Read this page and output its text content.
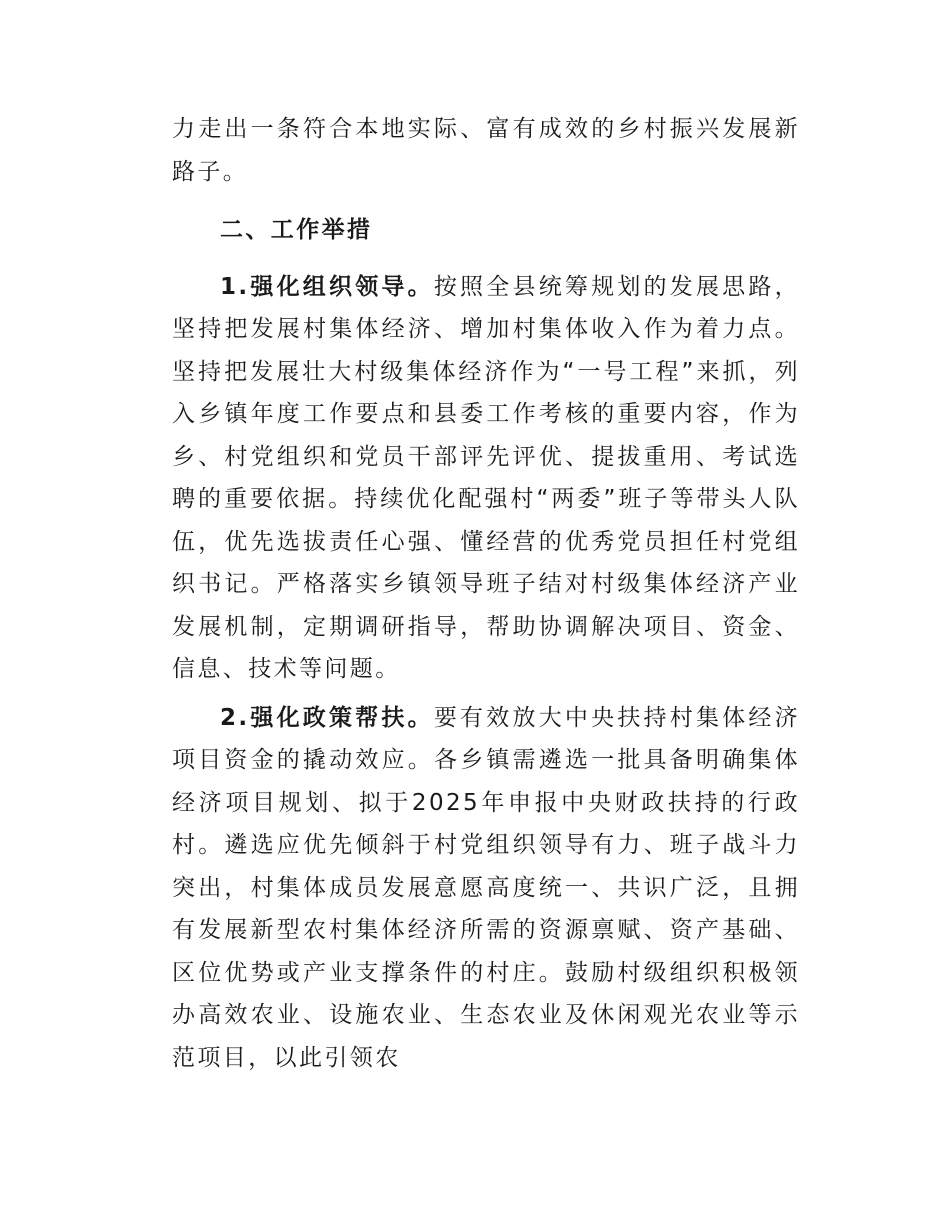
力走出一条符合本地实际、富有成效的乡村振兴发展新路子。

二、工作举措

1.强化组织领导。按照全县统筹规划的发展思路，坚持把发展村集体经济、增加村集体收入作为着力点。坚持把发展壮大村级集体经济作为“一号工程”来抓，列入乡镇年度工作要点和县委工作考核的重要内容，作为乡、村党组织和党员干部评先评优、提拔重用、考试选聘的重要依据。持续优化配强村“两委”班子等带头人队伍，优先选拔责任心强、懂经营的优秀党员担任村党组织书记。严格落实乡镇领导班子结对村级集体经济产业发展机制，定期调研指导，帮助协调解决项目、资金、信息、技术等问题。

2.强化政策帮扶。要有效放大中央扶持村集体经济项目资金的撬动效应。各乡镇需遴选一批具备明确集体经济项目规划、拟于2025年申报中央财政扶持的行政村。遴选应优先倾斜于村党组织领导有力、班子战斗力突出，村集体成员发展意愿高度统一、共识广泛，且拥有发展新型农村集体经济所需的资源禀赋、资产基础、区位优势或产业支撑条件的村庄。鼓励村级组织积极领办高效农业、设施农业、生态农业及休闲观光农业等示范项目，以此引领农
